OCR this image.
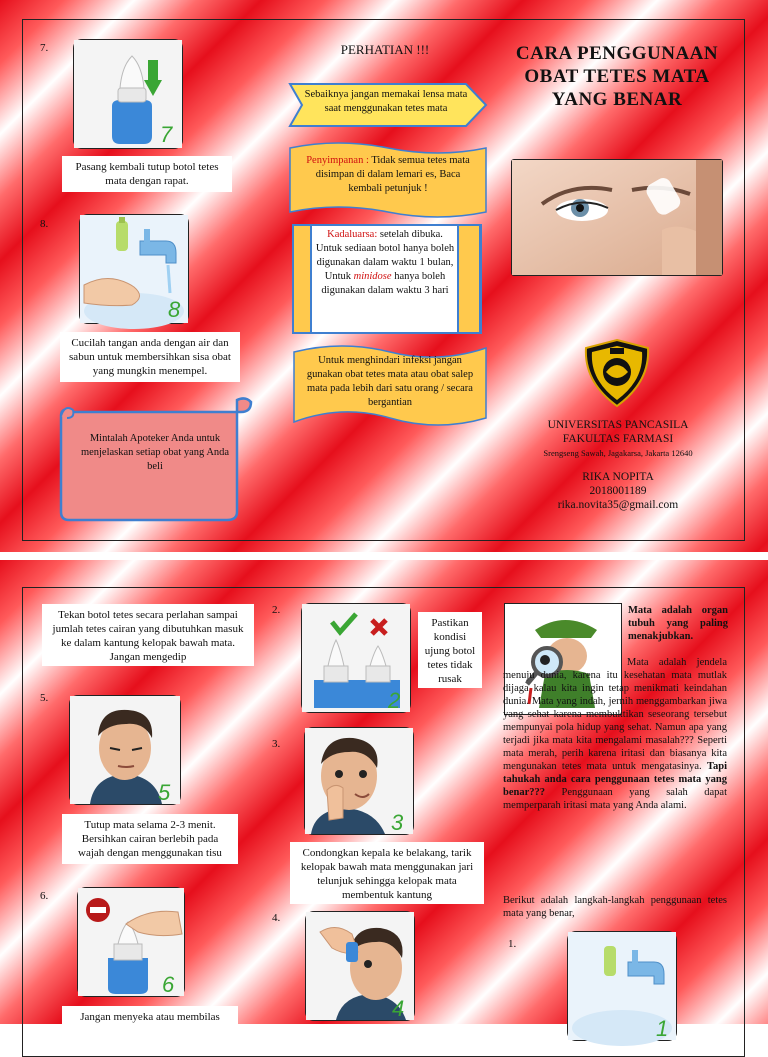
7.
7
Pasang kembali tutup botol tetes mata dengan rapat.
8.
8
Cucilah tangan anda dengan air dan sabun untuk membersihkan sisa obat yang mungkin menempel.
Mintalah Apoteker Anda untuk menjelaskan setiap obat yang Anda beli
PERHATIAN !!!
Sebaiknya jangan memakai lensa mata saat menggunakan tetes mata
Penyimpanan : Tidak semua tetes mata disimpan di dalam lemari es, Baca kembali petunjuk !
Kadaluarsa: setelah dibuka. Untuk sediaan botol hanya boleh digunakan dalam waktu 1 bulan, Untuk minidose hanya boleh digunakan dalam waktu 3 hari
Untuk menghindari infeksi jangan gunakan obat tetes mata atau obat salep mata pada lebih dari satu orang / secara bergantian
CARA PENGGUNAAN
OBAT TETES MATA
YANG BENAR
UNIVERSITAS PANCASILA
FAKULTAS FARMASI
Srengseng Sawah, Jagakarsa, Jakarta 12640
RIKA NOPITA
2018001189
rika.novita35@gmail.com
Tekan botol tetes secara perlahan sampai jumlah tetes cairan yang dibutuhkan masuk ke dalam kantung kelopak bawah mata. Jangan mengedip
5.
5
Tutup mata selama 2-3 menit. Bersihkan cairan berlebih pada wajah dengan menggunakan tisu
6.
6
Jangan menyeka atau membilas
2.
2
Pastikan kondisi ujung botol tetes tidak rusak
3.
3
Condongkan kepala ke belakang, tarik kelopak bawah mata menggunakan jari telunjuk sehingga kelopak mata membentuk kantung
4.
4
Mata adalah organ tubuh yang paling menakjubkan.

Mata adalah jendela menuju dunia, karena itu kesehatan mata mutlak dijaga kalau kita ingin tetap menikmati keindahan dunia. Mata yang indah, jernih menggambarkan jiwa yang sehat karena membuktikan seseorang tersebut mempunyai pola hidup yang sehat. Namun apa yang terjadi jika mata kita mengalami masalah??? Seperti mata merah, perih karena iritasi dan biasanya kita mengunakan tetes mata untuk mengatasinya. Tapi tahukah anda cara penggunaan tetes mata yang benar??? Penggunaan yang salah dapat memperparah iritasi mata yang Anda alami.

Berikut adalah langkah-langkah penggunaan tetes mata yang benar,
1.
1
